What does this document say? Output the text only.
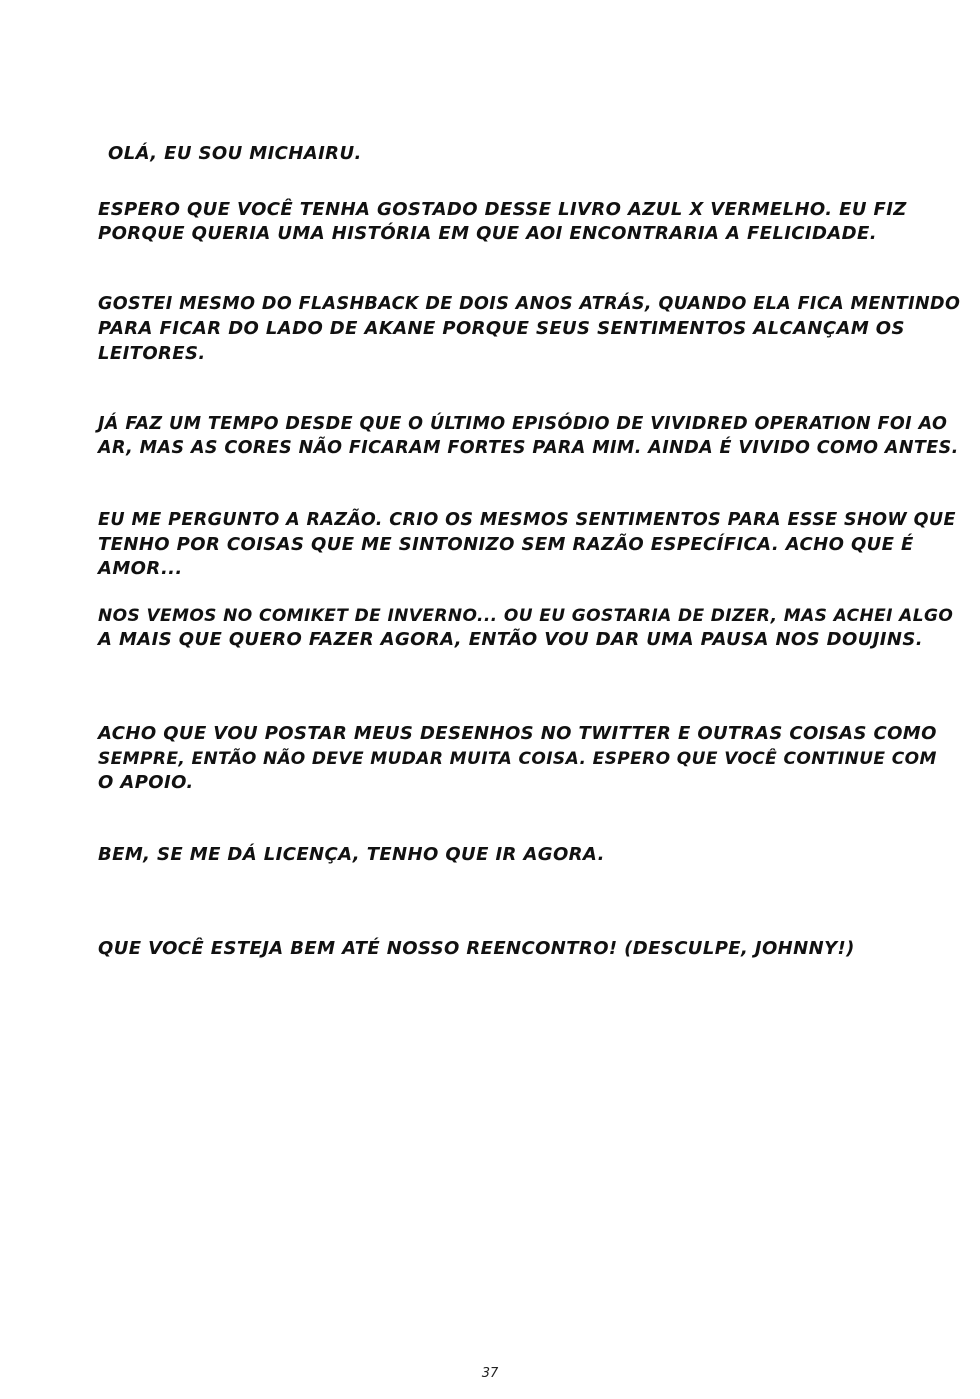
OLÁ, EU SOU MICHAIRU.
ESPERO QUE VOCÊ TENHA GOSTADO DESSE LIVRO AZUL X VERMELHO. EU FIZ
PORQUE QUERIA UMA HISTÓRIA EM QUE AOI ENCONTRARIA A FELICIDADE.
GOSTEI MESMO DO FLASHBACK DE DOIS ANOS ATRÁS, QUANDO ELA FICA MENTINDO
PARA FICAR DO LADO DE AKANE PORQUE SEUS SENTIMENTOS ALCANÇAM OS
LEITORES.
JÁ FAZ UM TEMPO DESDE QUE O ÚLTIMO EPISÓDIO DE VIVIDRED OPERATION FOI AO
AR, MAS AS CORES NÃO FICARAM FORTES PARA MIM. AINDA É VIVIDO COMO ANTES.
EU ME PERGUNTO A RAZÃO. CRIO OS MESMOS SENTIMENTOS PARA ESSE SHOW QUE
TENHO POR COISAS QUE ME SINTONIZO SEM RAZÃO ESPECÍFICA. ACHO QUE É
AMOR...
NOS VEMOS NO COMIKET DE INVERNO... OU EU GOSTARIA DE DIZER, MAS ACHEI ALGO
A MAIS QUE QUERO FAZER AGORA, ENTÃO VOU DAR UMA PAUSA NOS DOUJINS.
ACHO QUE VOU POSTAR MEUS DESENHOS NO TWITTER E OUTRAS COISAS COMO
SEMPRE, ENTÃO NÃO DEVE MUDAR MUITA COISA. ESPERO QUE VOCÊ CONTINUE COM
O APOIO.
BEM, SE ME DÁ LICENÇA, TENHO QUE IR AGORA.
QUE VOCÊ ESTEJA BEM ATÉ NOSSO REENCONTRO! (DESCULPE, JOHNNY!)
37
